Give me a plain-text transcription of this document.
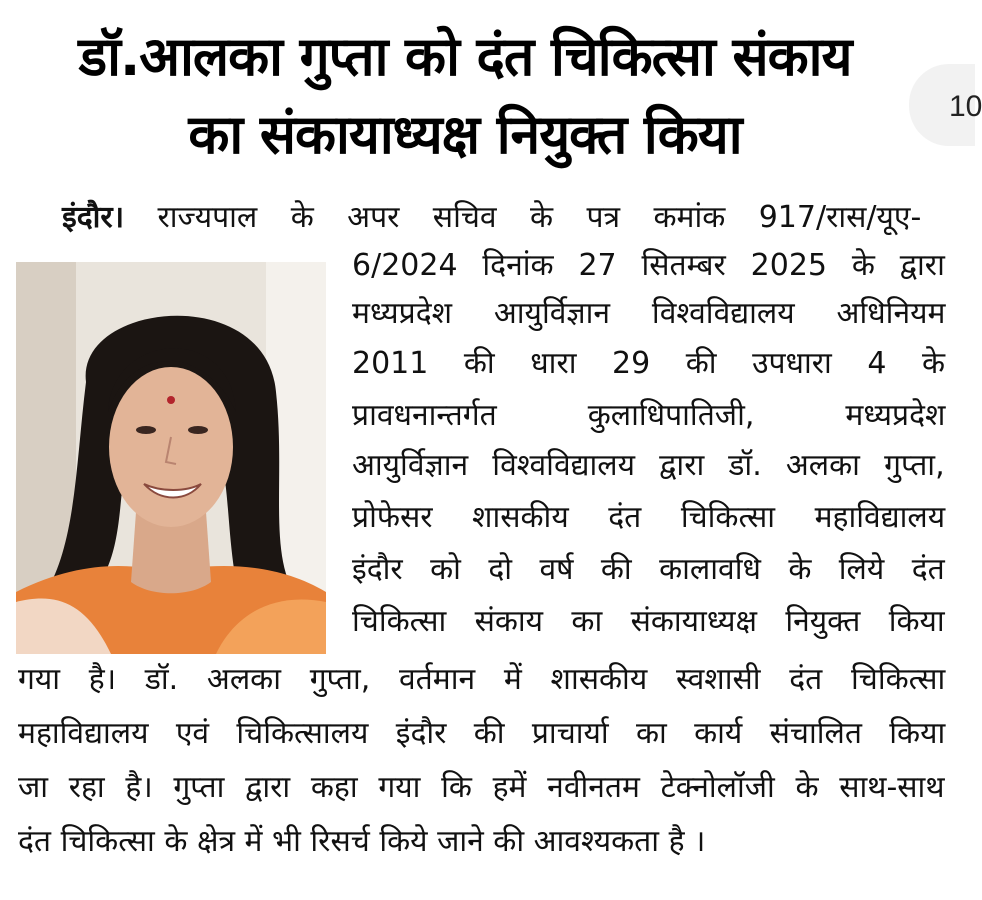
10
डॉ.आलका गुप्ता को दंत चिकित्सा संकाय
का संकायाध्यक्ष नियुक्त किया
इंदौर। राज्यपाल के अपर सचिव के पत्र कमांक 917/रास/यूए-
6/2024 दिनांक 27 सितम्बर 2025 के द्वारा
मध्यप्रदेश आयुर्विज्ञान विश्वविद्यालय अधिनियम
2011 की धारा 29 की उपधारा 4 के
प्रावधनान्तर्गत कुलाधिपातिजी, मध्यप्रदेश
आयुर्विज्ञान विश्वविद्यालय द्वारा डॉ. अलका गुप्ता,
प्रोफेसर शासकीय दंत चिकित्सा महाविद्यालय
इंदौर को दो वर्ष की कालावधि के लिये दंत
चिकित्सा संकाय का संकायाध्यक्ष नियुक्त किया
गया है। डॉ. अलका गुप्ता, वर्तमान में शासकीय स्वशासी दंत चिकित्सा
महाविद्यालय एवं चिकित्सालय इंदौर की प्राचार्या का कार्य संचालित किया
जा रहा है। गुप्ता द्वारा कहा गया कि हमें नवीनतम टेक्नोलॉजी के साथ-साथ
दंत चिकित्सा के क्षेत्र में भी रिसर्च किये जाने की आवश्यकता है ।
